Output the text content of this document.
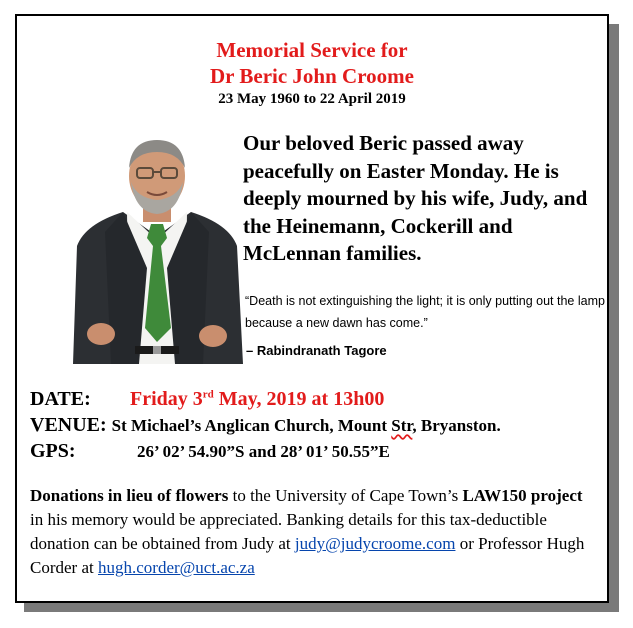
Memorial Service for
Dr Beric John Croome
23 May 1960 to 22 April 2019
Our beloved Beric passed away peacefully on Easter Monday. He is deeply mourned by his wife, Judy, and the Heinemann, Cockerill and McLennan families.
“Death is not extinguishing the light; it is only putting out the lamp because a new dawn has come.”
– Rabindranath Tagore
DATE: Friday 3rd May, 2019 at 13h00
VENUE: St Michael’s Anglican Church, Mount Str, Bryanston.
GPS:	26’ 02’ 54.90”S and 28’ 01’ 50.55”E
Donations in lieu of flowers to the University of Cape Town’s LAW150 project in his memory would be appreciated. Banking details for this tax-deductible donation can be obtained from Judy at judy@judycroome.com or Professor Hugh Corder at hugh.corder@uct.ac.za
